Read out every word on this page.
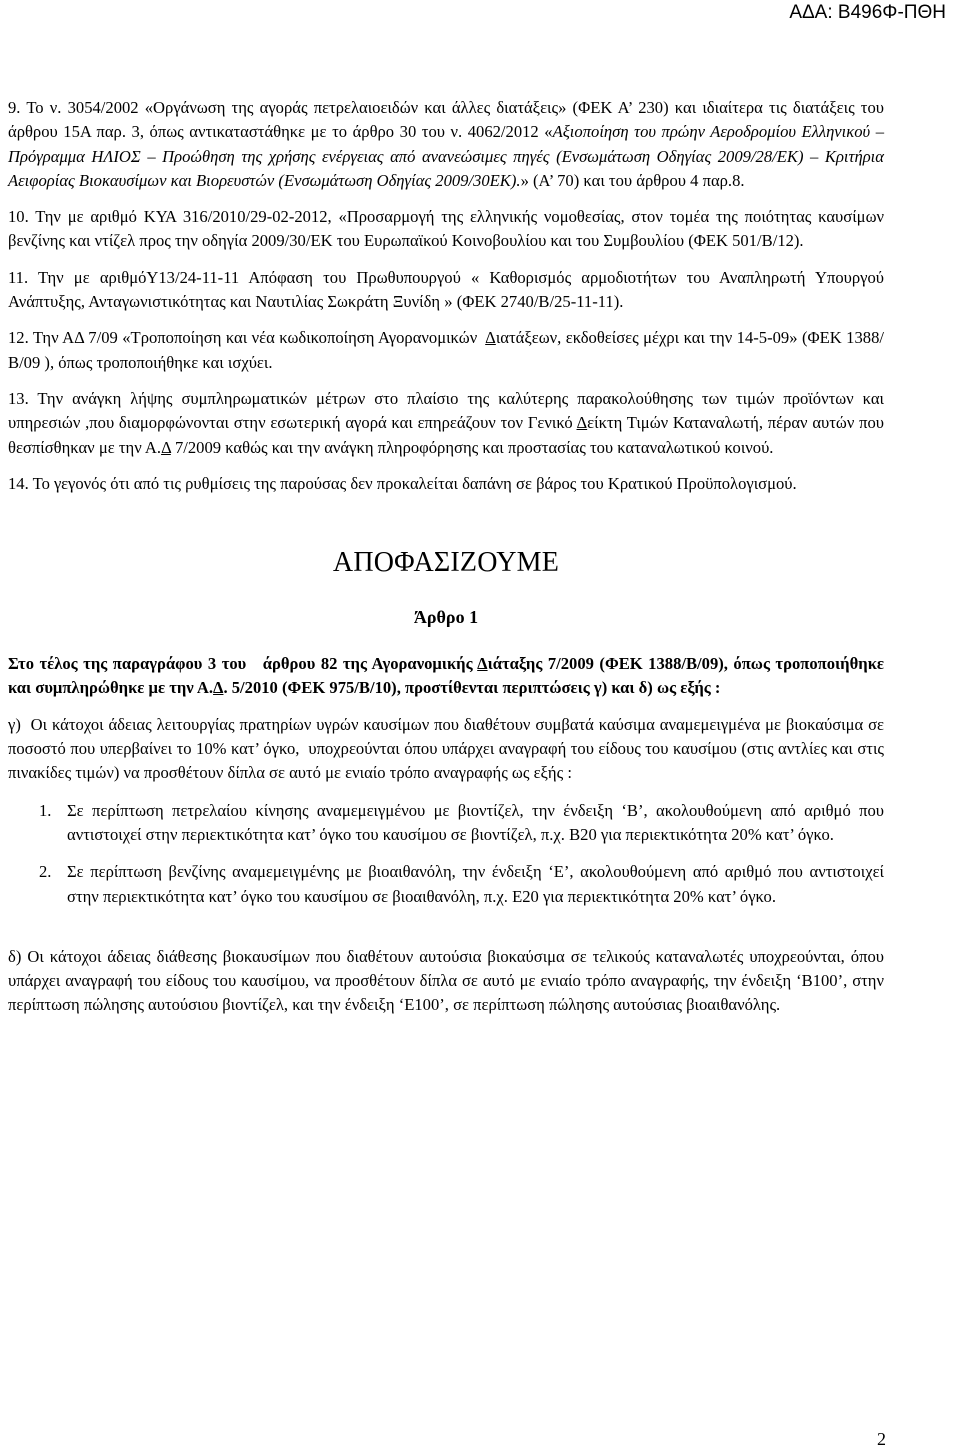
ΑΔΑ: Β496Φ-ΠΘΗ

9. Το ν. 3054/2002 «Οργάνωση της αγοράς πετρελαιοειδών και άλλες διατάξεις» (ΦΕΚ Α’ 230) και ιδιαίτερα τις διατάξεις του άρθρου 15Α παρ. 3, όπως αντικαταστάθηκε με το άρθρο 30 του ν. 4062/2012 «Αξιοποίηση του πρώην Αεροδρομίου Ελληνικού – Πρόγραμμα ΗΛΙΟΣ – Προώθηση της χρήσης ενέργειας από ανανεώσιμες πηγές (Ενσωμάτωση Οδηγίας 2009/28/ΕΚ) – Κριτήρια Αειφορίας Βιοκαυσίμων και Βιορευστών (Ενσωμάτωση Οδηγίας 2009/30ΕΚ).» (Α’ 70) και του άρθρου 4 παρ.8.

10. Την με αριθμό ΚΥΑ 316/2010/29-02-2012, «Προσαρμογή της ελληνικής νομοθεσίας, στον τομέα της ποιότητας καυσίμων βενζίνης και ντίζελ προς την οδηγία 2009/30/ΕΚ του Ευρωπαϊκού Κοινοβουλίου και του Συμβουλίου (ΦΕΚ 501/Β/12).

11. Την με αριθμόΥ13/24-11-11 Απόφαση του Πρωθυπουργού « Καθορισμός αρμοδιοτήτων του Αναπληρωτή Υπουργού Ανάπτυξης, Ανταγωνιστικότητας και Ναυτιλίας Σωκράτη Ξυνίδη » (ΦΕΚ 2740/Β/25-11-11).

12. Την ΑΔ 7/09 «Τροποποίηση και νέα κωδικοποίηση Αγορανομικών  Διατάξεων, εκδοθείσες μέχρι και την 14-5-09» (ΦΕΚ 1388/Β/09 ), όπως τροποποιήθηκε και ισχύει.

13. Την ανάγκη λήψης συμπληρωματικών μέτρων στο πλαίσιο της καλύτερης παρακολούθησης των τιμών προϊόντων και υπηρεσιών ,που διαμορφώνονται στην εσωτερική αγορά και επηρεάζουν τον Γενικό Δείκτη Τιμών Καταναλωτή, πέραν αυτών που θεσπίσθηκαν με την Α.Δ 7/2009 καθώς και την ανάγκη πληροφόρησης και προστασίας του καταναλωτικού κοινού.

14. Το γεγονός ότι από τις ρυθμίσεις της παρούσας δεν προκαλείται δαπάνη σε βάρος του Κρατικού Προϋπολογισμού.

ΑΠΟΦΑΣΙΖΟΥΜΕ
Άρθρο 1

Στο τέλος της παραγράφου 3 του   άρθρου 82 της Αγορανομικής Διάταξης 7/2009 (ΦΕΚ 1388/Β/09), όπως τροποποιήθηκε και συμπληρώθηκε με την Α.Δ. 5/2010 (ΦΕΚ 975/Β/10), προστίθενται περιπτώσεις γ) και δ) ως εξής :

γ)  Οι κάτοχοι άδειας λειτουργίας πρατηρίων υγρών καυσίμων που διαθέτουν συμβατά καύσιμα αναμεμειγμένα με βιοκαύσιμα σε ποσοστό που υπερβαίνει το 10% κατ’ όγκο,  υποχρεούνται όπου υπάρχει αναγραφή του είδους του καυσίμου (στις αντλίες και στις πινακίδες τιμών) να προσθέτουν δίπλα σε αυτό με ενιαίο τρόπο αναγραφής ως εξής :

1. Σε περίπτωση πετρελαίου κίνησης αναμεμειγμένου με βιοντίζελ, την ένδειξη ‘Β’, ακολουθούμενη από αριθμό που αντιστοιχεί στην περιεκτικότητα κατ’ όγκο του καυσίμου σε βιοντίζελ, π.χ. Β20 για περιεκτικότητα 20% κατ’ όγκο.

2. Σε περίπτωση βενζίνης αναμεμειγμένης με βιοαιθανόλη, την ένδειξη ‘Ε’, ακολουθούμενη από αριθμό που αντιστοιχεί στην περιεκτικότητα κατ’ όγκο του καυσίμου σε βιοαιθανόλη, π.χ. Ε20 για περιεκτικότητα 20% κατ’ όγκο.

δ) Οι κάτοχοι άδειας διάθεσης βιοκαυσίμων που διαθέτουν αυτούσια βιοκαύσιμα σε τελικούς καταναλωτές υποχρεούνται, όπου υπάρχει αναγραφή του είδους του καυσίμου, να προσθέτουν δίπλα σε αυτό με ενιαίο τρόπο αναγραφής, την ένδειξη ‘Β100’, στην περίπτωση πώλησης αυτούσιου βιοντίζελ, και την ένδειξη ‘Ε100’, σε περίπτωση πώλησης αυτούσιας βιοαιθανόλης.

2
